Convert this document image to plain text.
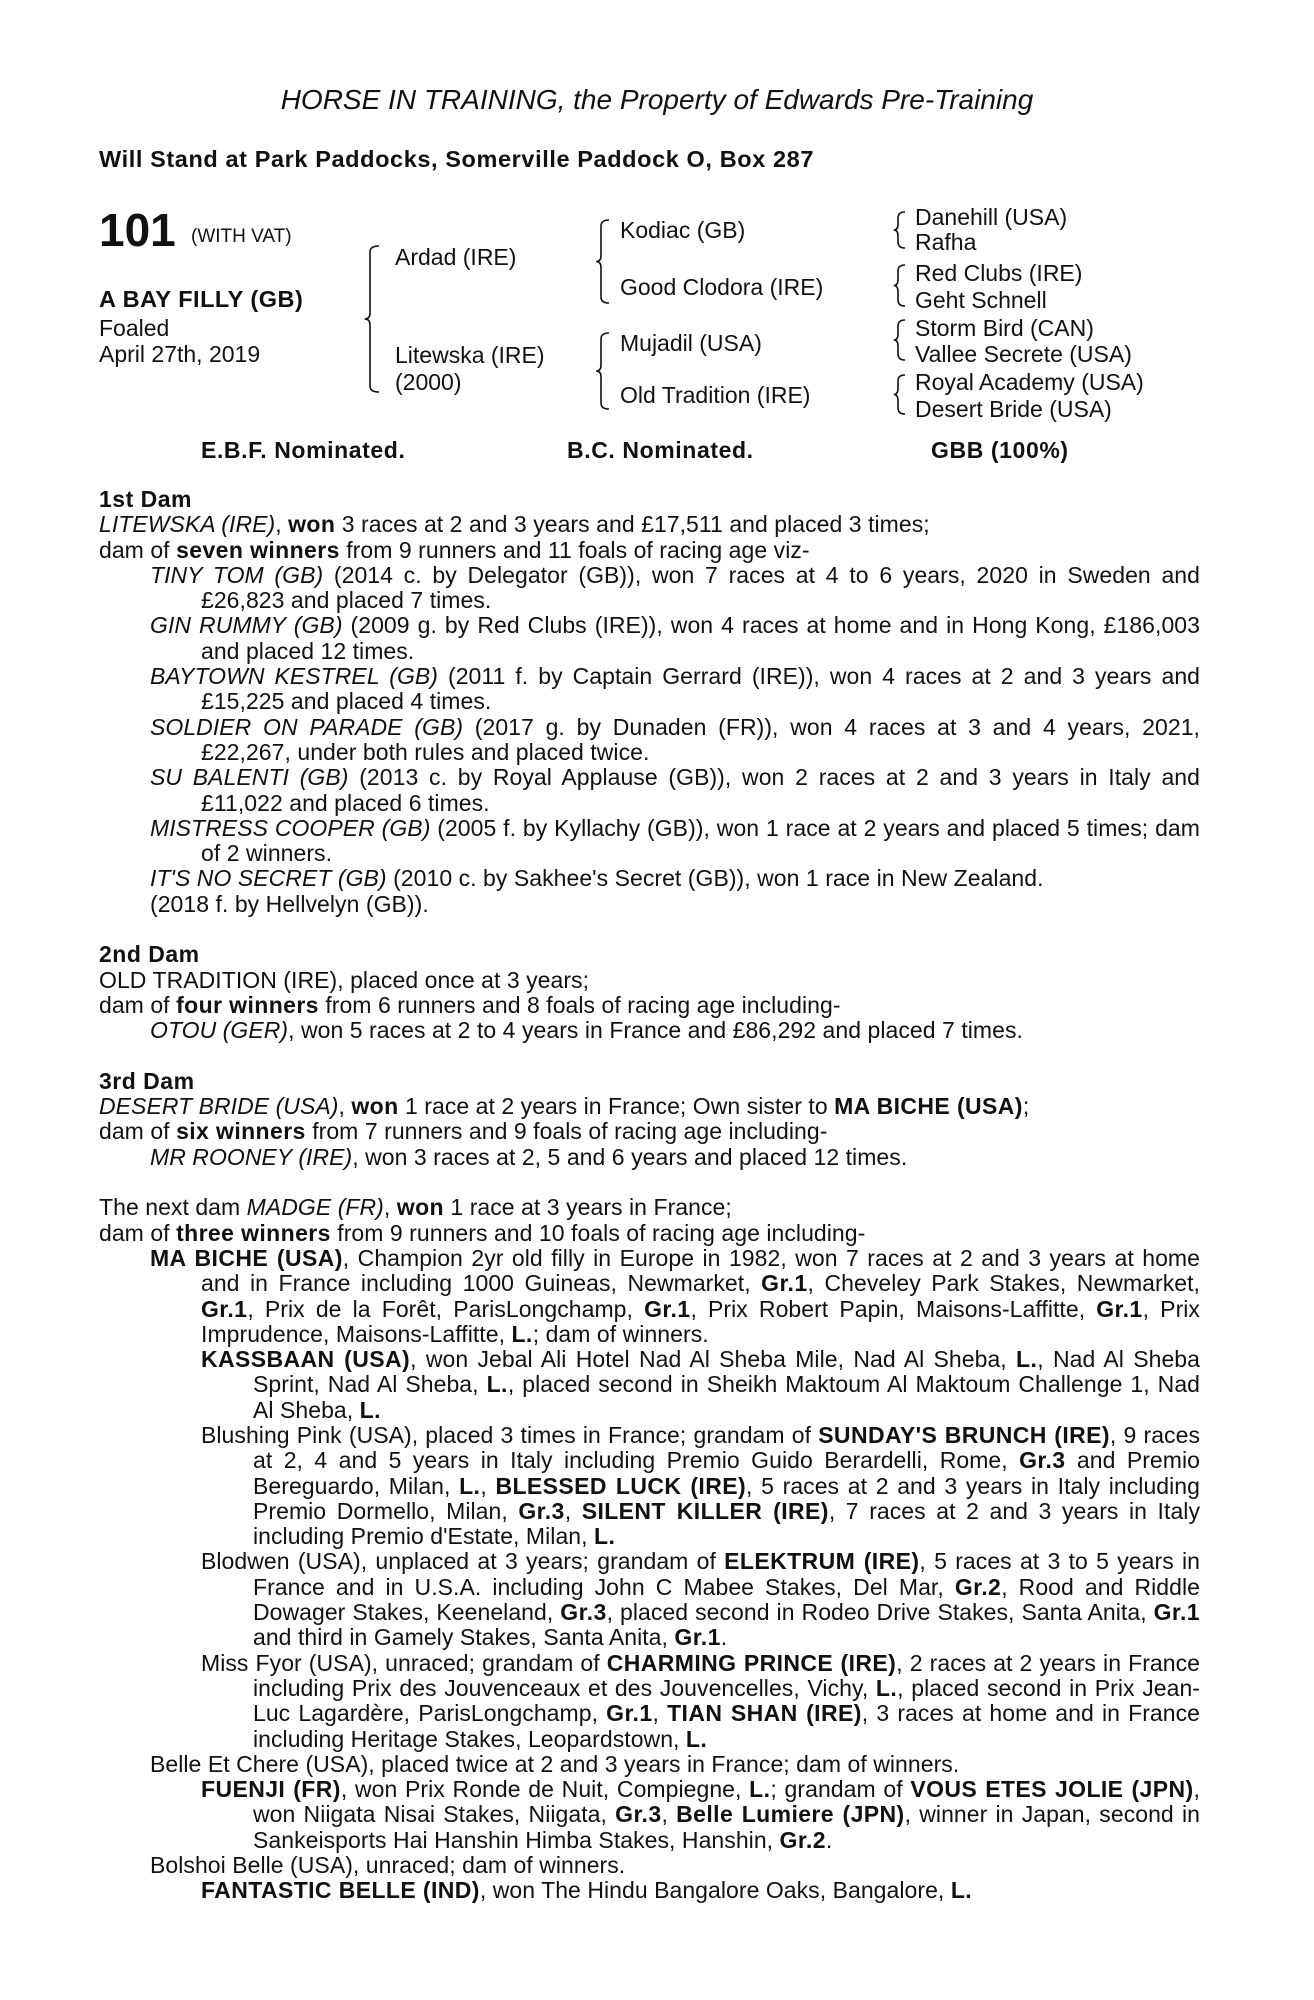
HORSE IN TRAINING, the Property of Edwards Pre-Training
Will Stand at Park Paddocks, Somerville Paddock O, Box 287
101 (WITH VAT)
A BAY FILLY (GB)
Foaled
April 27th, 2019
Ardad (IRE)
Litewska (IRE)
(2000)
Kodiac (GB)
Good Clodora (IRE)
Mujadil (USA)
Old Tradition (IRE)
Danehill (USA)
Rafha
Red Clubs (IRE)
Geht Schnell
Storm Bird (CAN)
Vallee Secrete (USA)
Royal Academy (USA)
Desert Bride (USA)
E.B.F. Nominated.	B.C. Nominated.	GBB (100%)
1st Dam
LITEWSKA (IRE), won 3 races at 2 and 3 years and £17,511 and placed 3 times;
dam of seven winners from 9 runners and 11 foals of racing age viz-
TINY TOM (GB) (2014 c. by Delegator (GB)), won 7 races at 4 to 6 years, 2020 in Sweden and £26,823 and placed 7 times.
GIN RUMMY (GB) (2009 g. by Red Clubs (IRE)), won 4 races at home and in Hong Kong, £186,003 and placed 12 times.
BAYTOWN KESTREL (GB) (2011 f. by Captain Gerrard (IRE)), won 4 races at 2 and 3 years and £15,225 and placed 4 times.
SOLDIER ON PARADE (GB) (2017 g. by Dunaden (FR)), won 4 races at 3 and 4 years, 2021, £22,267, under both rules and placed twice.
SU BALENTI (GB) (2013 c. by Royal Applause (GB)), won 2 races at 2 and 3 years in Italy and £11,022 and placed 6 times.
MISTRESS COOPER (GB) (2005 f. by Kyllachy (GB)), won 1 race at 2 years and placed 5 times; dam of 2 winners.
IT'S NO SECRET (GB) (2010 c. by Sakhee's Secret (GB)), won 1 race in New Zealand.
(2018 f. by Hellvelyn (GB)).
2nd Dam
OLD TRADITION (IRE), placed once at 3 years;
dam of four winners from 6 runners and 8 foals of racing age including-
OTOU (GER), won 5 races at 2 to 4 years in France and £86,292 and placed 7 times.
3rd Dam
DESERT BRIDE (USA), won 1 race at 2 years in France; Own sister to MA BICHE (USA);
dam of six winners from 7 runners and 9 foals of racing age including-
MR ROONEY (IRE), won 3 races at 2, 5 and 6 years and placed 12 times.
The next dam MADGE (FR), won 1 race at 3 years in France;
dam of three winners from 9 runners and 10 foals of racing age including-
MA BICHE (USA), Champion 2yr old filly in Europe in 1982, won 7 races at 2 and 3 years at home and in France including 1000 Guineas, Newmarket, Gr.1, Cheveley Park Stakes, Newmarket, Gr.1, Prix de la Forêt, ParisLongchamp, Gr.1, Prix Robert Papin, Maisons-Laffitte, Gr.1, Prix Imprudence, Maisons-Laffitte, L.; dam of winners.
KASSBAAN (USA), won Jebal Ali Hotel Nad Al Sheba Mile, Nad Al Sheba, L., Nad Al Sheba Sprint, Nad Al Sheba, L., placed second in Sheikh Maktoum Al Maktoum Challenge 1, Nad Al Sheba, L.
Blushing Pink (USA), placed 3 times in France; grandam of SUNDAY'S BRUNCH (IRE), 9 races at 2, 4 and 5 years in Italy including Premio Guido Berardelli, Rome, Gr.3 and Premio Bereguardo, Milan, L., BLESSED LUCK (IRE), 5 races at 2 and 3 years in Italy including Premio Dormello, Milan, Gr.3, SILENT KILLER (IRE), 7 races at 2 and 3 years in Italy including Premio d'Estate, Milan, L.
Blodwen (USA), unplaced at 3 years; grandam of ELEKTRUM (IRE), 5 races at 3 to 5 years in France and in U.S.A. including John C Mabee Stakes, Del Mar, Gr.2, Rood and Riddle Dowager Stakes, Keeneland, Gr.3, placed second in Rodeo Drive Stakes, Santa Anita, Gr.1 and third in Gamely Stakes, Santa Anita, Gr.1.
Miss Fyor (USA), unraced; grandam of CHARMING PRINCE (IRE), 2 races at 2 years in France including Prix des Jouvenceaux et des Jouvencelles, Vichy, L., placed second in Prix Jean-Luc Lagardère, ParisLongchamp, Gr.1, TIAN SHAN (IRE), 3 races at home and in France including Heritage Stakes, Leopardstown, L.
Belle Et Chere (USA), placed twice at 2 and 3 years in France; dam of winners.
FUENJI (FR), won Prix Ronde de Nuit, Compiegne, L.; grandam of VOUS ETES JOLIE (JPN), won Niigata Nisai Stakes, Niigata, Gr.3, Belle Lumiere (JPN), winner in Japan, second in Sankeisports Hai Hanshin Himba Stakes, Hanshin, Gr.2.
Bolshoi Belle (USA), unraced; dam of winners.
FANTASTIC BELLE (IND), won The Hindu Bangalore Oaks, Bangalore, L.
